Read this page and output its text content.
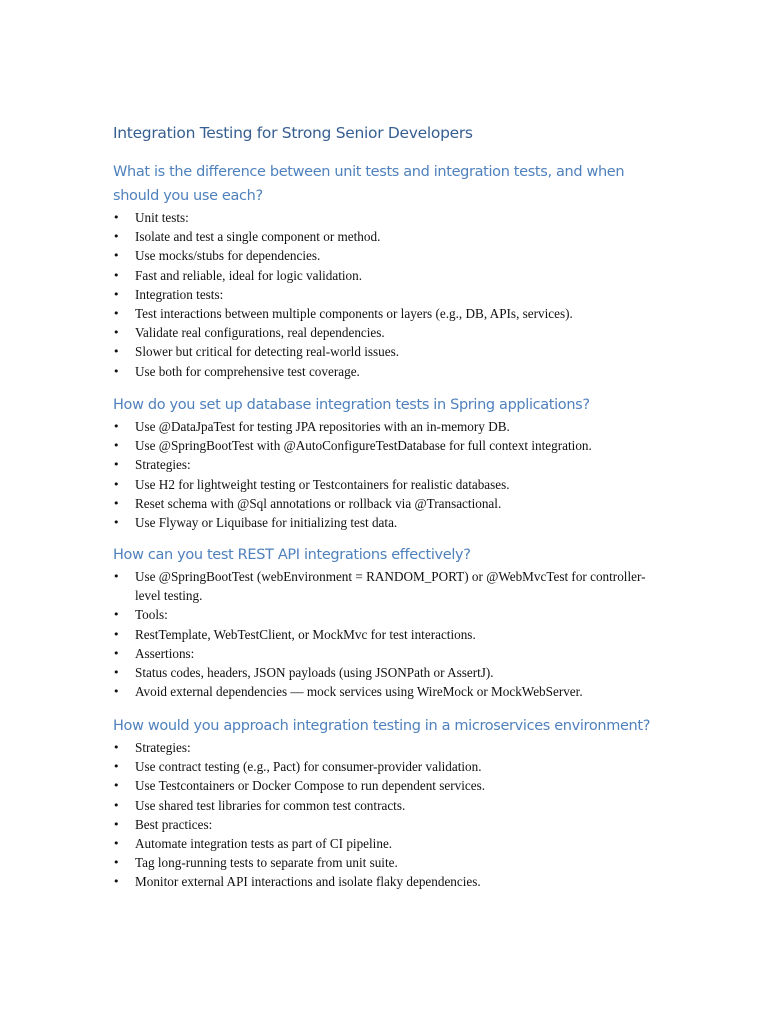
Integration Testing for Strong Senior Developers
What is the difference between unit tests and integration tests, and when should you use each?
• Unit tests:
• Isolate and test a single component or method.
• Use mocks/stubs for dependencies.
• Fast and reliable, ideal for logic validation.
• Integration tests:
• Test interactions between multiple components or layers (e.g., DB, APIs, services).
• Validate real configurations, real dependencies.
• Slower but critical for detecting real-world issues.
• Use both for comprehensive test coverage.
How do you set up database integration tests in Spring applications?
• Use @DataJpaTest for testing JPA repositories with an in-memory DB.
• Use @SpringBootTest with @AutoConfigureTestDatabase for full context integration.
• Strategies:
• Use H2 for lightweight testing or Testcontainers for realistic databases.
• Reset schema with @Sql annotations or rollback via @Transactional.
• Use Flyway or Liquibase for initializing test data.
How can you test REST API integrations effectively?
• Use @SpringBootTest (webEnvironment = RANDOM_PORT) or @WebMvcTest for controller-level testing.
• Tools:
• RestTemplate, WebTestClient, or MockMvc for test interactions.
• Assertions:
• Status codes, headers, JSON payloads (using JSONPath or AssertJ).
• Avoid external dependencies — mock services using WireMock or MockWebServer.
How would you approach integration testing in a microservices environment?
• Strategies:
• Use contract testing (e.g., Pact) for consumer-provider validation.
• Use Testcontainers or Docker Compose to run dependent services.
• Use shared test libraries for common test contracts.
• Best practices:
• Automate integration tests as part of CI pipeline.
• Tag long-running tests to separate from unit suite.
• Monitor external API interactions and isolate flaky dependencies.
